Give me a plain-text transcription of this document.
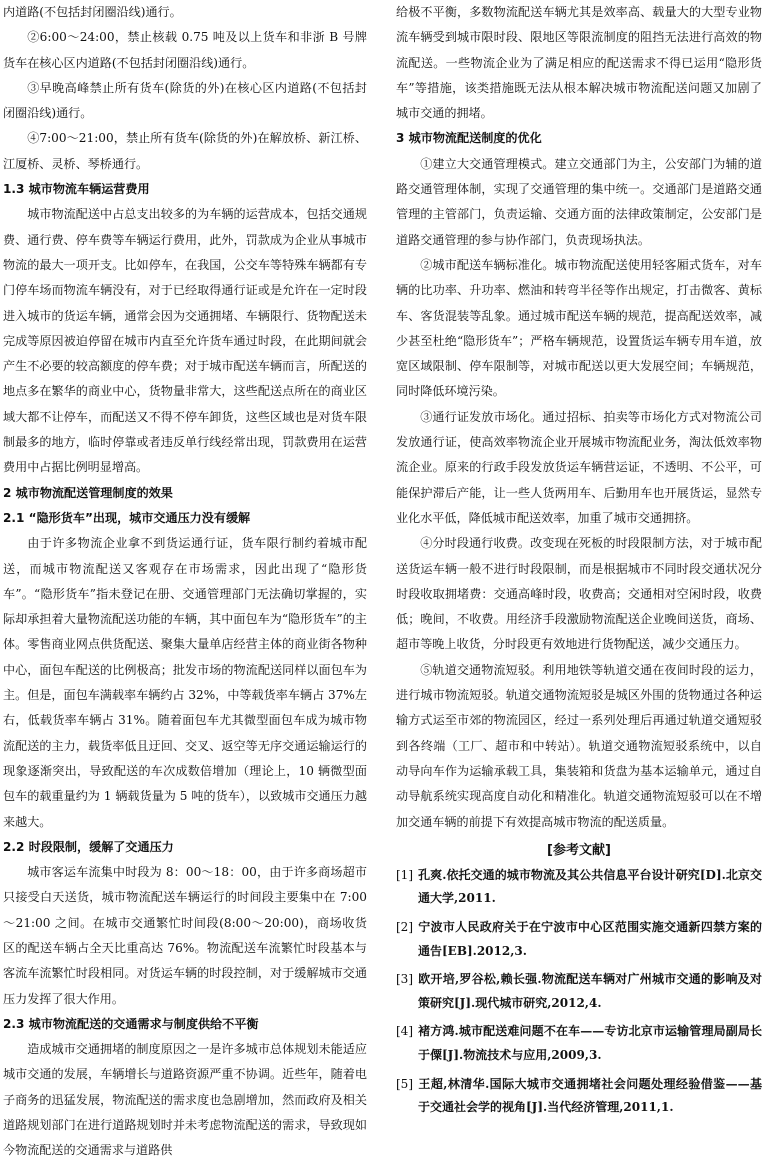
内道路(不包括封闭圈沿线)通行。
②6:00～24:00，禁止核载 0.75 吨及以上货车和非浙 B 号牌货车在核心区内道路(不包括封闭圈沿线)通行。
③早晚高峰禁止所有货车(除货的外)在核心区内道路(不包括封闭圈沿线)通行。
④7:00～21:00，禁止所有货车(除货的外)在解放桥、新江桥、江厦桥、灵桥、琴桥通行。
1.3 城市物流车辆运营费用
城市物流配送中占总支出较多的为车辆的运营成本，包括交通规费、通行费、停车费等车辆运行费用，此外，罚款成为企业从事城市物流的最大一项开支。比如停车，在我国，公交车等特殊车辆都有专门停车场而物流车辆没有，对于已经取得通行证或是允许在一定时段进入城市的货运车辆，通常会因为交通拥堵、车辆限行、货物配送未完成等原因被迫停留在城市内直至允许货车通过时段，在此期间就会产生不必要的较高额度的停车费；对于城市配送车辆而言，所配送的地点多在繁华的商业中心，货物量非常大，这些配送点所在的商业区域大都不让停车，而配送又不得不停车卸货，这些区域也是对货车限制最多的地方，临时停靠或者违反单行线经常出现，罚款费用在运营费用中占据比例明显增高。
2 城市物流配送管理制度的效果
2.1 “隐形货车”出现，城市交通压力没有缓解
由于许多物流企业拿不到货运通行证，货车限行制约着城市配送，而城市物流配送又客观存在市场需求，因此出现了“隐形货车”。“隐形货车”指未登记在册、交通管理部门无法确切掌握的，实际却承担着大量物流配送功能的车辆，其中面包车为“隐形货车”的主体。零售商业网点供货配送、聚集大量单店经营主体的商业街各物种中心，面包车配送的比例极高；批发市场的物流配送同样以面包车为主。但是，面包车满载率车辆约占 32%，中等载货率车辆占 37%左右，低载货率车辆占 31%。随着面包车尤其微型面包车成为城市物流配送的主力，载货率低且迂回、交叉、返空等无序交通运输运行的现象逐渐突出，导致配送的车次成数倍增加（理论上，10 辆微型面包车的载重量约为 1 辆载货量为 5 吨的货车），以致城市交通压力越来越大。
2.2 时段限制，缓解了交通压力
城市客运车流集中时段为 8：00～18：00，由于许多商场超市只接受白天送货，城市物流配送车辆运行的时间段主要集中在 7:00～21:00 之间。在城市交通繁忙时间段(8:00～20:00)，商场收货区的配送车辆占全天比重高达 76%。物流配送车流繁忙时段基本与客流车流繁忙时段相同。对货运车辆的时段控制，对于缓解城市交通压力发挥了很大作用。
2.3 城市物流配送的交通需求与制度供给不平衡
造成城市交通拥堵的制度原因之一是许多城市总体规划未能适应城市交通的发展，车辆增长与道路资源严重不协调。近些年，随着电子商务的迅猛发展，物流配送的需求度也急剧增加，然而政府及相关道路规划部门在进行道路规划时并未考虑物流配送的需求，导致现如今物流配送的交通需求与道路供
给极不平衡，多数物流配送车辆尤其是效率高、载量大的大型专业物流车辆受到城市限时段、限地区等限流制度的阻挡无法进行高效的物流配送。一些物流企业为了满足相应的配送需求不得已运用“隐形货车”等措施，该类措施既无法从根本解决城市物流配送问题又加剧了城市交通的拥堵。
3 城市物流配送制度的优化
①建立大交通管理模式。建立交通部门为主，公安部门为辅的道路交通管理体制，实现了交通管理的集中统一。交通部门是道路交通管理的主管部门，负责运输、交通方面的法律政策制定，公安部门是道路交通管理的参与协作部门，负责现场执法。
②城市配送车辆标准化。城市物流配送使用轻客厢式货车，对车辆的比功率、升功率、燃油和转弯半径等作出规定，打击微客、黄标车、客货混装等乱象。通过城市配送车辆的规范，提高配送效率，减少甚至杜绝“隐形货车”；严格车辆规范，设置货运车辆专用车道，放宽区域限制、停车限制等，对城市配送以更大发展空间；车辆规范，同时降低环境污染。
③通行证发放市场化。通过招标、拍卖等市场化方式对物流公司发放通行证，使高效率物流企业开展城市物流配业务，淘汰低效率物流企业。原来的行政手段发放货运车辆营运证，不透明、不公平，可能保护滞后产能，让一些人货两用车、后勤用车也开展货运，显然专业化水平低，降低城市配送效率，加重了城市交通拥挤。
④分时段通行收费。改变现在死板的时段限制方法，对于城市配送货运车辆一般不进行时段限制，而是根据城市不同时段交通状况分时段收取拥堵费：交通高峰时段，收费高；交通相对空闲时段，收费低；晚间，不收费。用经济手段激励物流配送企业晚间送货，商场、超市等晚上收货，分时段更有效地进行货物配送，减少交通压力。
⑤轨道交通物流短驳。利用地铁等轨道交通在夜间时段的运力，进行城市物流短驳。轨道交通物流短驳是城区外围的货物通过各种运输方式运至市郊的物流园区，经过一系列处理后再通过轨道交通短驳到各终端（工厂、超市和中转站）。轨道交通物流短驳系统中，以自动导向车作为运输承载工具，集装箱和货盘为基本运输单元，通过自动导航系统实现高度自动化和精准化。轨道交通物流短驳可以在不增加交通车辆的前提下有效提高城市物流的配送质量。
[参考文献]
[1] 孔爽.依托交通的城市物流及其公共信息平台设计研究[D].北京交通大学,2011.
[2] 宁波市人民政府关于在宁波市中心区范围实施交通新四禁方案的通告[EB].2012,3.
[3] 欧开培,罗谷松,赖长强.物流配送车辆对广州城市交通的影响及对策研究[J].现代城市研究,2012,4.
[4] 褚方鸿.城市配送难问题不在车——专访北京市运输管理局副局长于僳[J].物流技术与应用,2009,3.
[5] 王超,林清华.国际大城市交通拥堵社会问题处理经验借鉴——基于交通社会学的视角[J].当代经济管理,2011,1.
